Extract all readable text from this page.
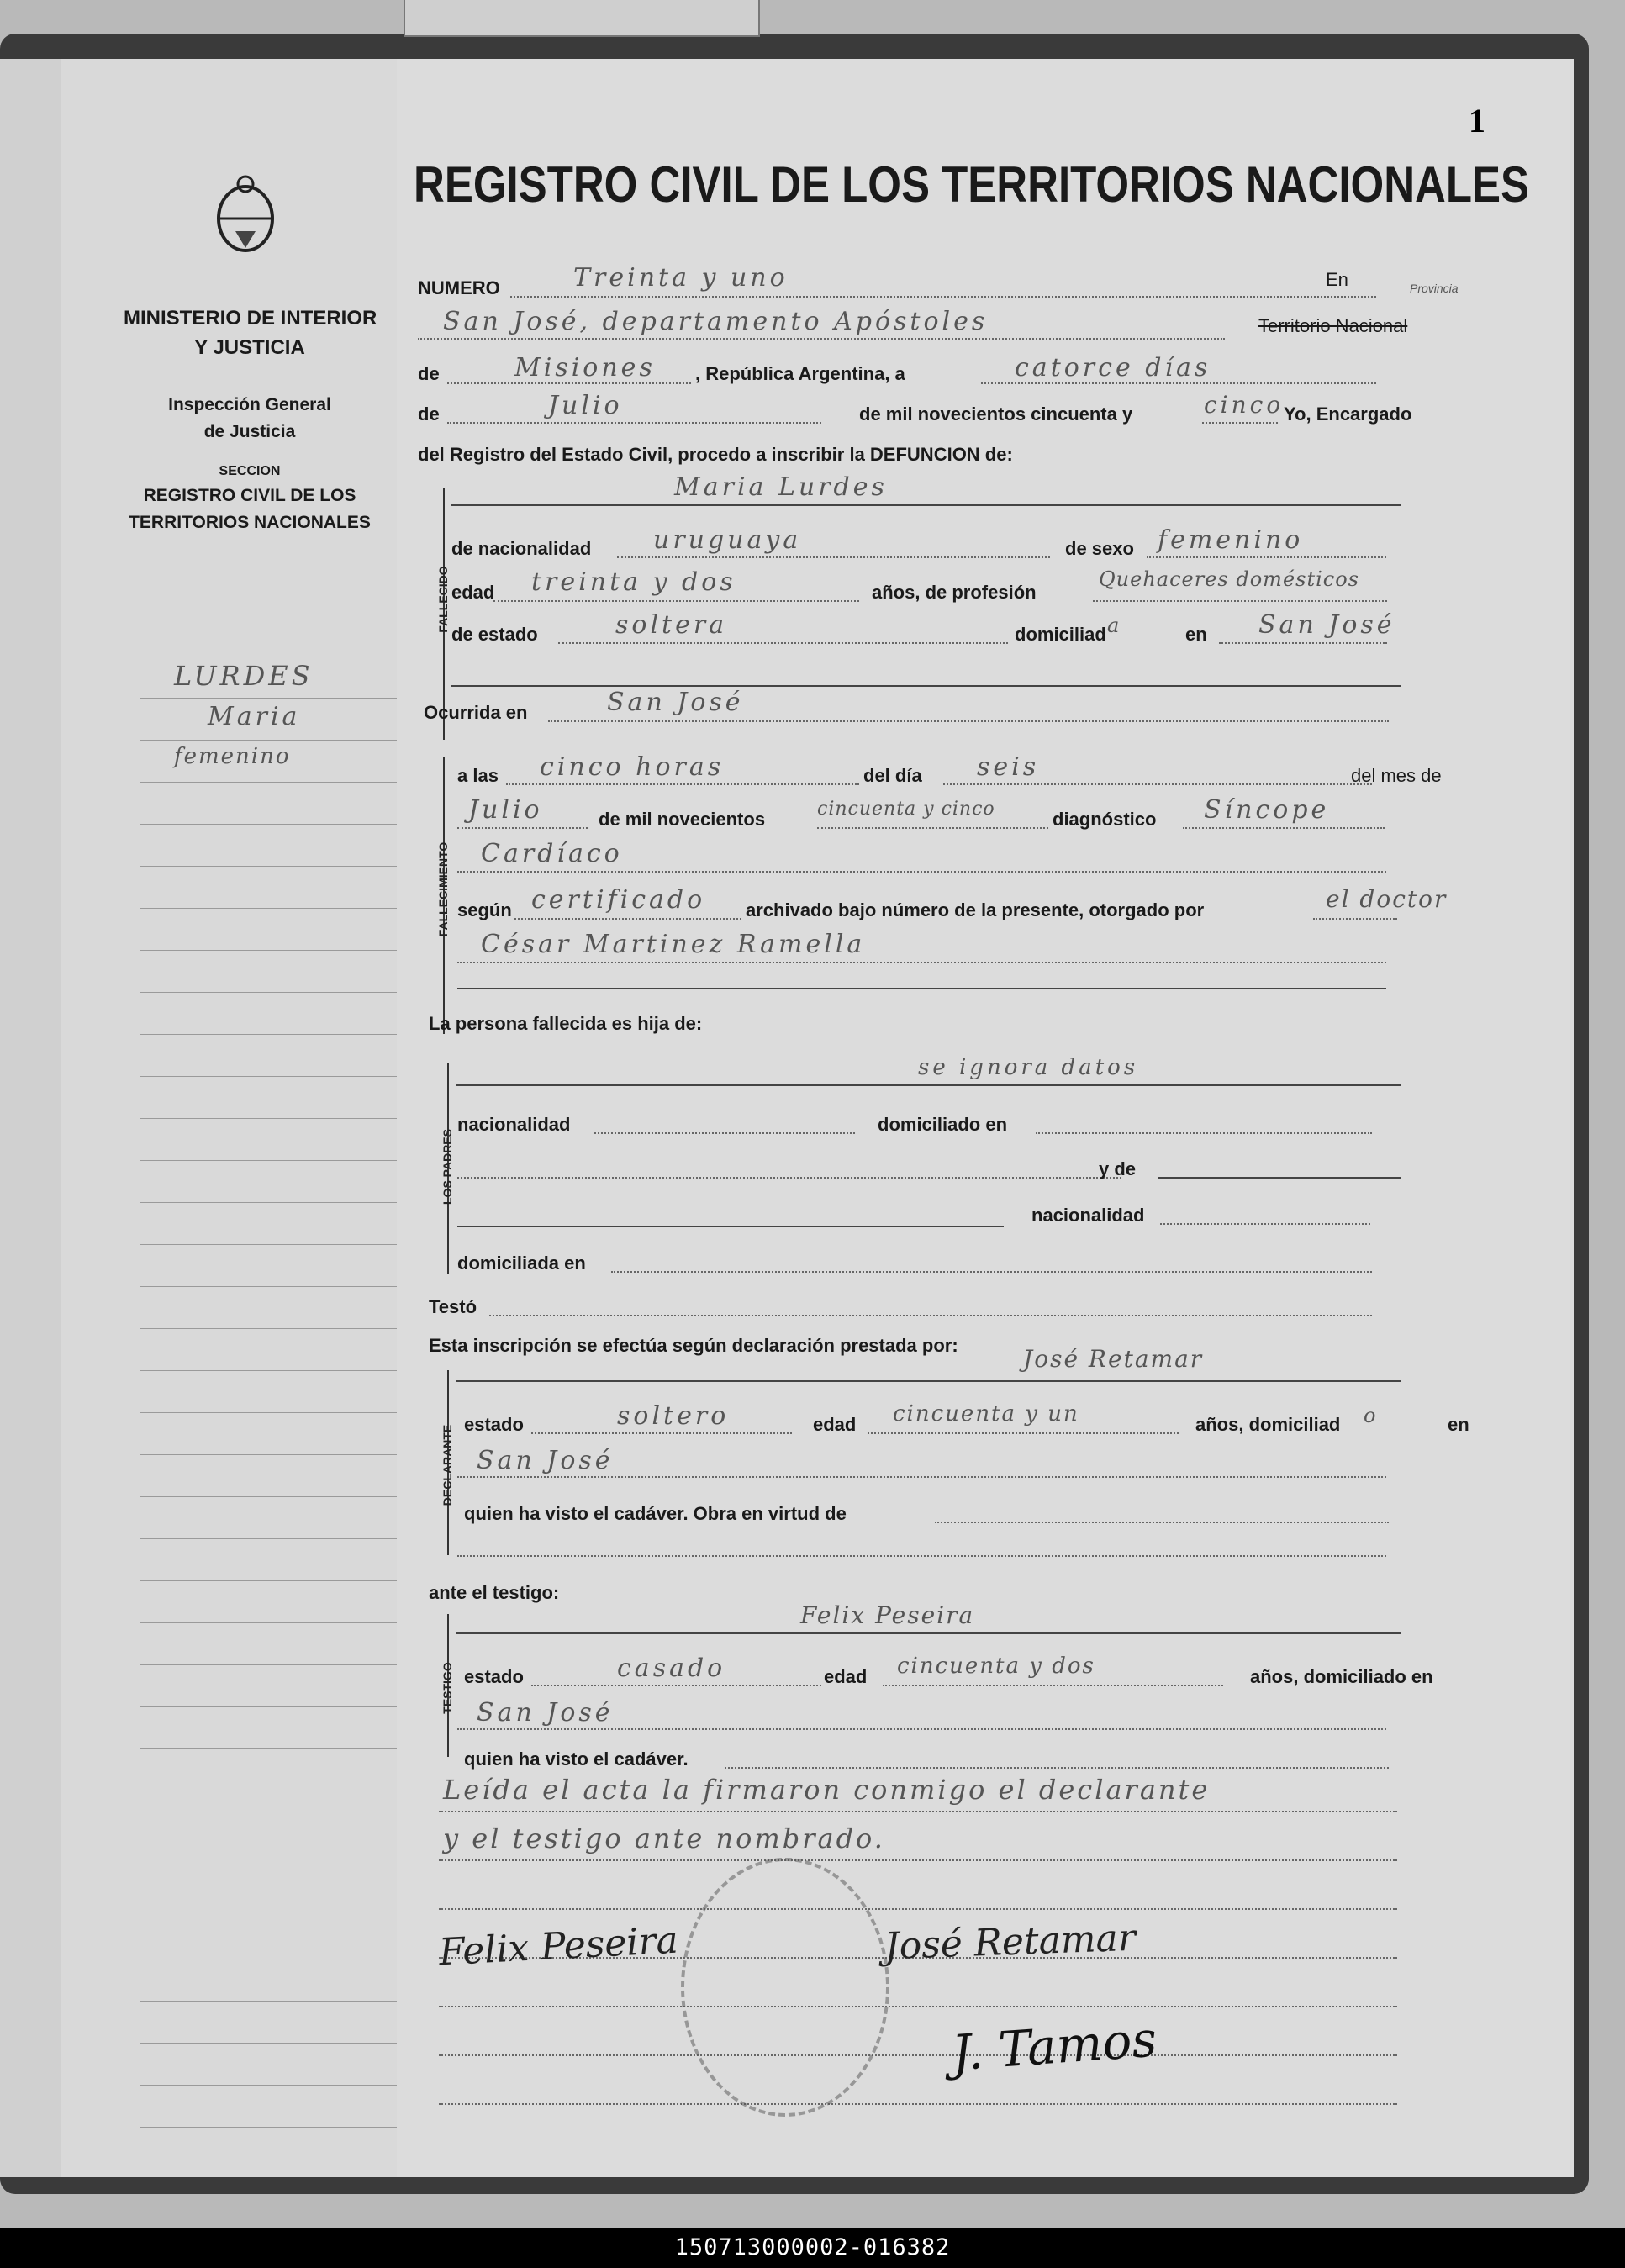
MINISTERIO DE INTERIOR
Y JUSTICIA
Inspección General
de Justicia
SECCION
REGISTRO CIVIL DE LOS
TERRITORIOS NACIONALES
LURDES
Maria
femenino
1
REGISTRO CIVIL DE LOS TERRITORIOS NACIONALES
NUMERO	Treinta y uno	En	Provincia
San José, departamento Apóstoles	Territorio Nacional
de	Misiones , República Argentina, a	catorce días
de	Julio	de mil novecientos cincuenta y	cinco Yo, Encargado
del Registro del Estado Civil, procedo a inscribir la DEFUNCION de:
FALLECIDO
Maria Lurdes
de nacionalidad uruguaya	de sexo femenino
edad treinta y dos	años, de profesión
Quehaceres domésticos
de estado	soltera	domiciliad a	en San José
Ocurrida en	San José
FALLECIMIENTO
a las cinco horas	del día seis	del mes de
Julio	de mil novecientos	cincuenta y cinco	diagnóstico Síncope
Cardíaco
según certificado archivado bajo número de la presente, otorgado por	el doctor
César Martinez Ramella
La persona fallecida es hija de:
LOS PADRES
se ignora datos
nacionalidad	domiciliado en
y de
nacionalidad
domiciliada en
Testó
Esta inscripción se efectúa según declaración prestada por:
DECLARANTE
José Retamar
estado	soltero	edad cincuenta y un	años, domiciliad o	en
San José
quien ha visto el cadáver. Obra en virtud de
ante el testigo:
TESTIGO
Felix Peseira
estado	casado	edad cincuenta y dos	años, domiciliado en
San José
quien ha visto el cadáver.
Leída el acta la firmaron conmigo el declarante
y el testigo ante nombrado.
Felix Peseira	José Retamar
J. Tamos
150713000002-016382
